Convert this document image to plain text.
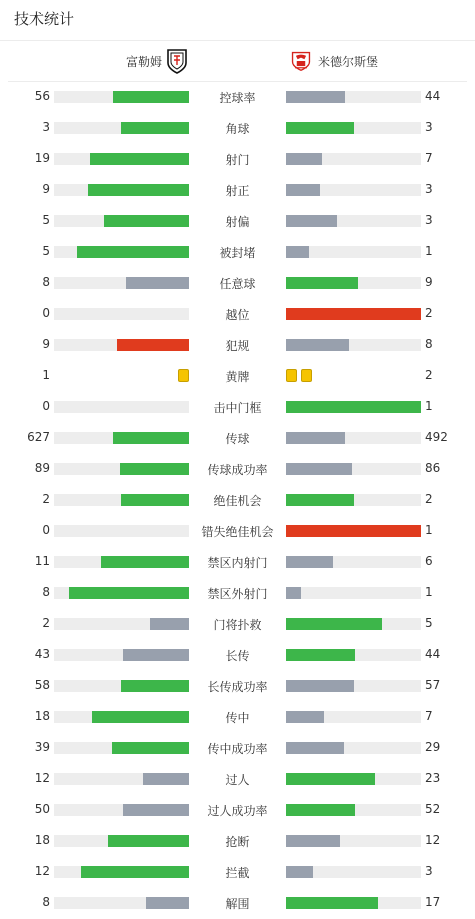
技术统计
富勒姆	米德尔斯堡
56	控球率	44
3	角球	3
19	射门	7
9	射正	3
5	射偏	3
5	被封堵	1
8	任意球	9
0	越位	2
9	犯规	8
1	黄牌	2
0	击中门框	1
627	传球	492
89	传球成功率	86
2	绝佳机会	2
0	错失绝佳机会	1
11	禁区内射门	6
8	禁区外射门	1
2	门将扑救	5
43	长传	44
58	长传成功率	57
18	传中	7
39	传中成功率	29
12	过人	23
50	过人成功率	52
18	抢断	12
12	拦截	3
8	解围	17
